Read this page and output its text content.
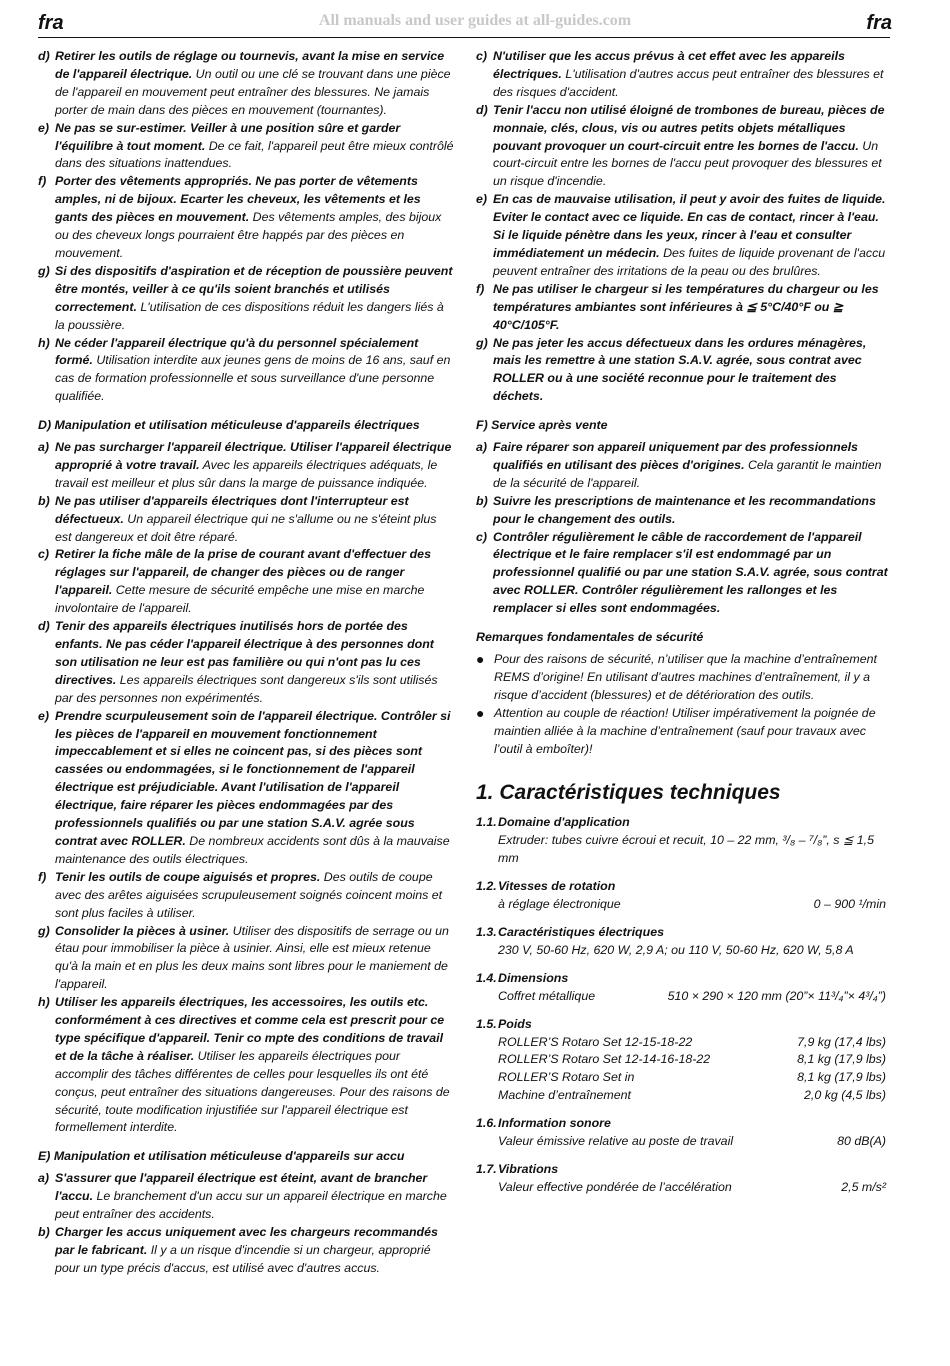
fra	All manuals and user guides at all-guides.com	fra
d) Retirer les outils de réglage ou tournevis, avant la mise en service de l'appareil électrique. Un outil ou une clé se trouvant dans une pièce de l'appareil en mouvement peut entraîner des blessures. Ne jamais porter de main dans des pièces en mouvement (tournantes).
e) Ne pas se sur-estimer. Veiller à une position sûre et garder l'équilibre à tout moment. De ce fait, l'appareil peut être mieux contrôlé dans des situations inattendues.
f) Porter des vêtements appropriés. Ne pas porter de vêtements amples, ni de bijoux. Ecarter les cheveux, les vêtements et les gants des pièces en mouvement. Des vêtements amples, des bijoux ou des cheveux longs pourraient être happés par des pièces en mouvement.
g) Si des dispositifs d'aspiration et de réception de poussière peuvent être montés, veiller à ce qu'ils soient branchés et utilisés correctement. L'utilisation de ces dispositions réduit les dangers liés à la poussière.
h) Ne céder l'appareil électrique qu'à du personnel spécialement formé. Utilisation interdite aux jeunes gens de moins de 16 ans, sauf en cas de formation professionnelle et sous surveillance d'une personne qualifiée.
D) Manipulation et utilisation méticuleuse d'appareils électriques
a) Ne pas surcharger l'appareil électrique. Utiliser l'appareil électrique approprié à votre travail. Avec les appareils électriques adéquats, le travail est meilleur et plus sûr dans la marge de puissance indiquée.
b) Ne pas utiliser d'appareils électriques dont l'interrupteur est défectueux. Un appareil électrique qui ne s'allume ou ne s'éteint plus est dangereux et doit être réparé.
c) Retirer la fiche mâle de la prise de courant avant d'effectuer des réglages sur l'appareil, de changer des pièces ou de ranger l'appareil. Cette mesure de sécurité empêche une mise en marche involontaire de l'appareil.
d) Tenir des appareils électriques inutilisés hors de portée des enfants. Ne pas céder l'appareil électrique à des personnes dont son utilisation ne leur est pas familière ou qui n'ont pas lu ces directives. Les appareils électriques sont dangereux s'ils sont utilisés par des personnes non expérimentés.
e) Prendre scurpuleusement soin de l'appareil électrique. Contrôler si les pièces de l'appareil en mouvement fonctionnement impeccablement et si elles ne coincent pas, si des pièces sont cassées ou endommagées, si le fonctionnement de l'appareil électrique est préjudiciable. Avant l'utilisation de l'appareil électrique, faire réparer les pièces endommagées par des professionnels qualifiés ou par une station S.A.V. agrée sous contrat avec ROLLER. De nombreux accidents sont dûs à la mauvaise maintenance des outils électriques.
f) Tenir les outils de coupe aiguisés et propres. Des outils de coupe avec des arêtes aiguisées scrupuleusement soignés coincent moins et sont plus faciles à utiliser.
g) Consolider la pièces à usiner. Utiliser des dispositifs de serrage ou un étau pour immobiliser la pièce à usinier. Ainsi, elle est mieux retenue qu'à la main et en plus les deux mains sont libres pour le maniement de l'appareil.
h) Utiliser les appareils électriques, les accessoires, les outils etc. conformément à ces directives et comme cela est prescrit pour ce type spécifique d'appareil. Tenir co mpte des conditions de travail et de la tâche à réaliser. Utiliser les appareils électriques pour accomplir des tâches différentes de celles pour lesquelles ils ont été conçus, peut entraîner des situations dangereuses. Pour des raisons de sécurité, toute modification injustifiée sur l'appareil électrique est formellement interdite.
E) Manipulation et utilisation méticuleuse d'appareils sur accu
a) S'assurer que l'appareil électrique est éteint, avant de brancher l'accu. Le branchement d'un accu sur un appareil électrique en marche peut entraîner des accidents.
b) Charger les accus uniquement avec les chargeurs recommandés par le fabricant. Il y a un risque d'incendie si un chargeur, approprié pour un type précis d'accus, est utilisé avec d'autres accus.
c) N'utiliser que les accus prévus à cet effet avec les appareils électriques. L'utilisation d'autres accus peut entraîner des blessures et des risques d'accident.
d) Tenir l'accu non utilisé éloigné de trombones de bureau, pièces de monnaie, clés, clous, vis ou autres petits objets métalliques pouvant provoquer un court-circuit entre les bornes de l'accu. Un court-circuit entre les bornes de l'accu peut provoquer des blessures et un risque d'incendie.
e) En cas de mauvaise utilisation, il peut y avoir des fuites de liquide. Eviter le contact avec ce liquide. En cas de contact, rincer à l'eau. Si le liquide pénètre dans les yeux, rincer à l'eau et consulter immédiatement un médecin. Des fuites de liquide provenant de l'accu peuvent entraîner des irritations de la peau ou des brulûres.
f) Ne pas utiliser le chargeur si les températures du chargeur ou les températures ambiantes sont inférieures à ≦ 5°C/40°F ou ≧ 40°C/105°F.
g) Ne pas jeter les accus défectueux dans les ordures ménagères, mais les remettre à une station S.A.V. agrée, sous contrat avec ROLLER ou à une société reconnue pour le traitement des déchets.
F) Service après vente
a) Faire réparer son appareil uniquement par des professionnels qualifiés en utilisant des pièces d'origines. Cela garantit le maintien de la sécurité de l'appareil.
b) Suivre les prescriptions de maintenance et les recommandations pour le changement des outils.
c) Contrôler régulièrement le câble de raccordement de l'appareil électrique et le faire remplacer s'il est endommagé par un professionnel qualifié ou par une station S.A.V. agrée, sous contrat avec ROLLER. Contrôler régulièrement les rallonges et les remplacer si elles sont endommagées.
Remarques fondamentales de sécurité
● Pour des raisons de sécurité, n’utiliser que la machine d’entraînement REMS d’origine! En utilisant d’autres machines d’entraînement, il y a risque d’accident (blessures) et de détérioration des outils.
● Attention au couple de réaction! Utiliser impérativement la poignée de maintien alliée à la machine d’entraînement (sauf pour travaux avec l’outil à emboîter)!
1. Caractéristiques techniques
1.1. Domaine d'application
Extruder: tubes cuivre écroui et recuit, 10 – 22 mm, ³/₈ – ⁷/₈”, s ≦ 1,5 mm
1.2. Vitesses de rotation
à réglage électronique	0 – 900 ¹/min
1.3. Caractéristiques électriques
230 V, 50-60 Hz, 620 W, 2,9 A; ou 110 V, 50-60 Hz, 620 W, 5,8 A
1.4. Dimensions
Coffret métallique	510 × 290 × 120 mm (20”× 11³/₄”× 4³/₄”)
1.5. Poids
ROLLER’S Rotaro Set 12-15-18-22	7,9 kg (17,4 lbs)
ROLLER’S Rotaro Set 12-14-16-18-22	8,1 kg (17,9 lbs)
ROLLER’S Rotaro Set in	8,1 kg (17,9 lbs)
Machine d’entraînement	2,0 kg (4,5 lbs)
1.6. Information sonore
Valeur émissive relative au poste de travail	80 dB(A)
1.7. Vibrations
Valeur effective pondérée de l’accélération	2,5 m/s²
